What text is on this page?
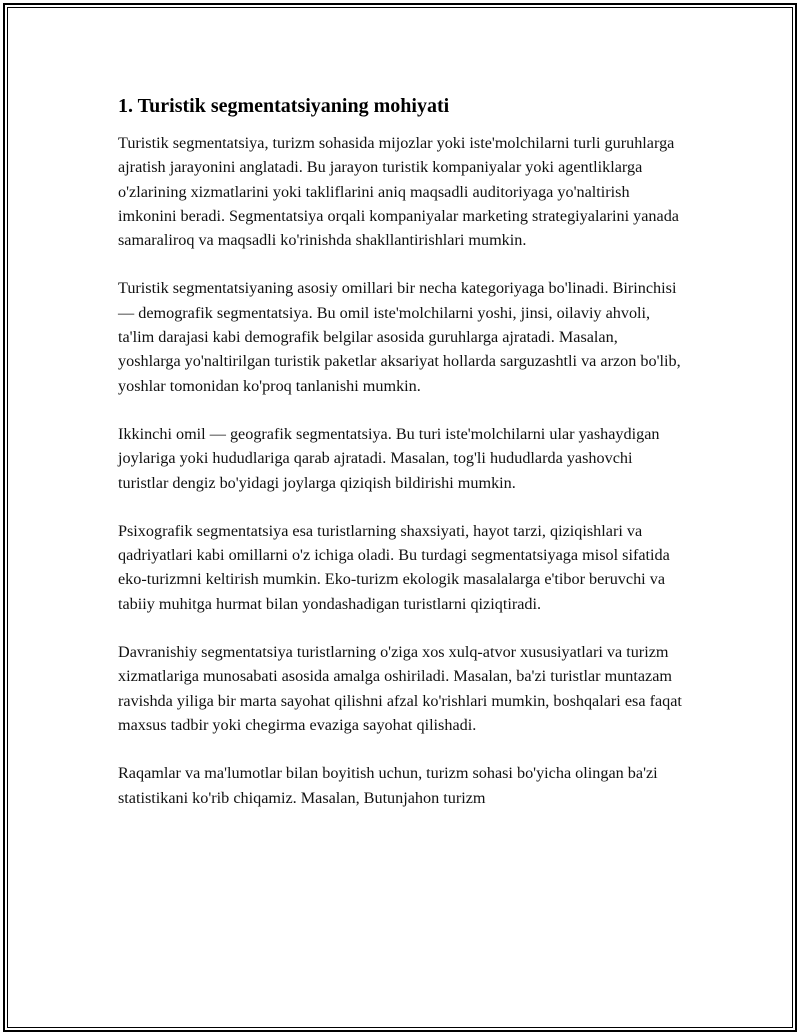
1. Turistik segmentatsiyaning mohiyati

Turistik segmentatsiya, turizm sohasida mijozlar yoki iste'molchilarni turli guruhlarga ajratish jarayonini anglatadi. Bu jarayon turistik kompaniyalar yoki agentliklarga o'zlarining xizmatlarini yoki takliflarini aniq maqsadli auditoriyaga yo'naltirish imkonini beradi. Segmentatsiya orqali kompaniyalar marketing strategiyalarini yanada samaraliroq va maqsadli ko'rinishda shakllantirishlari mumkin.

Turistik segmentatsiyaning asosiy omillari bir necha kategoriyaga bo'linadi. Birinchisi — demografik segmentatsiya. Bu omil iste'molchilarni yoshi, jinsi, oilaviy ahvoli, ta'lim darajasi kabi demografik belgilar asosida guruhlarga ajratadi. Masalan, yoshlarga yo'naltirilgan turistik paketlar aksariyat hollarda sarguzashtli va arzon bo'lib, yoshlar tomonidan ko'proq tanlanishi mumkin.

Ikkinchi omil — geografik segmentatsiya. Bu turi iste'molchilarni ular yashaydigan joylariga yoki hududlariga qarab ajratadi. Masalan, tog'li hududlarda yashovchi turistlar dengiz bo'yidagi joylarga qiziqish bildirishi mumkin.

Psixografik segmentatsiya esa turistlarning shaxsiyati, hayot tarzi, qiziqishlari va qadriyatlari kabi omillarni o'z ichiga oladi. Bu turdagi segmentatsiyaga misol sifatida eko-turizmni keltirish mumkin. Eko-turizm ekologik masalalarga e'tibor beruvchi va tabiiy muhitga hurmat bilan yondashadigan turistlarni qiziqtiradi.

Davranishiy segmentatsiya turistlarning o'ziga xos xulq-atvor xususiyatlari va turizm xizmatlariga munosabati asosida amalga oshiriladi. Masalan, ba'zi turistlar muntazam ravishda yiliga bir marta sayohat qilishni afzal ko'rishlari mumkin, boshqalari esa faqat maxsus tadbir yoki chegirma evaziga sayohat qilishadi.

Raqamlar va ma'lumotlar bilan boyitish uchun, turizm sohasi bo'yicha olingan ba'zi statistikani ko'rib chiqamiz. Masalan, Butunjahon turizm
